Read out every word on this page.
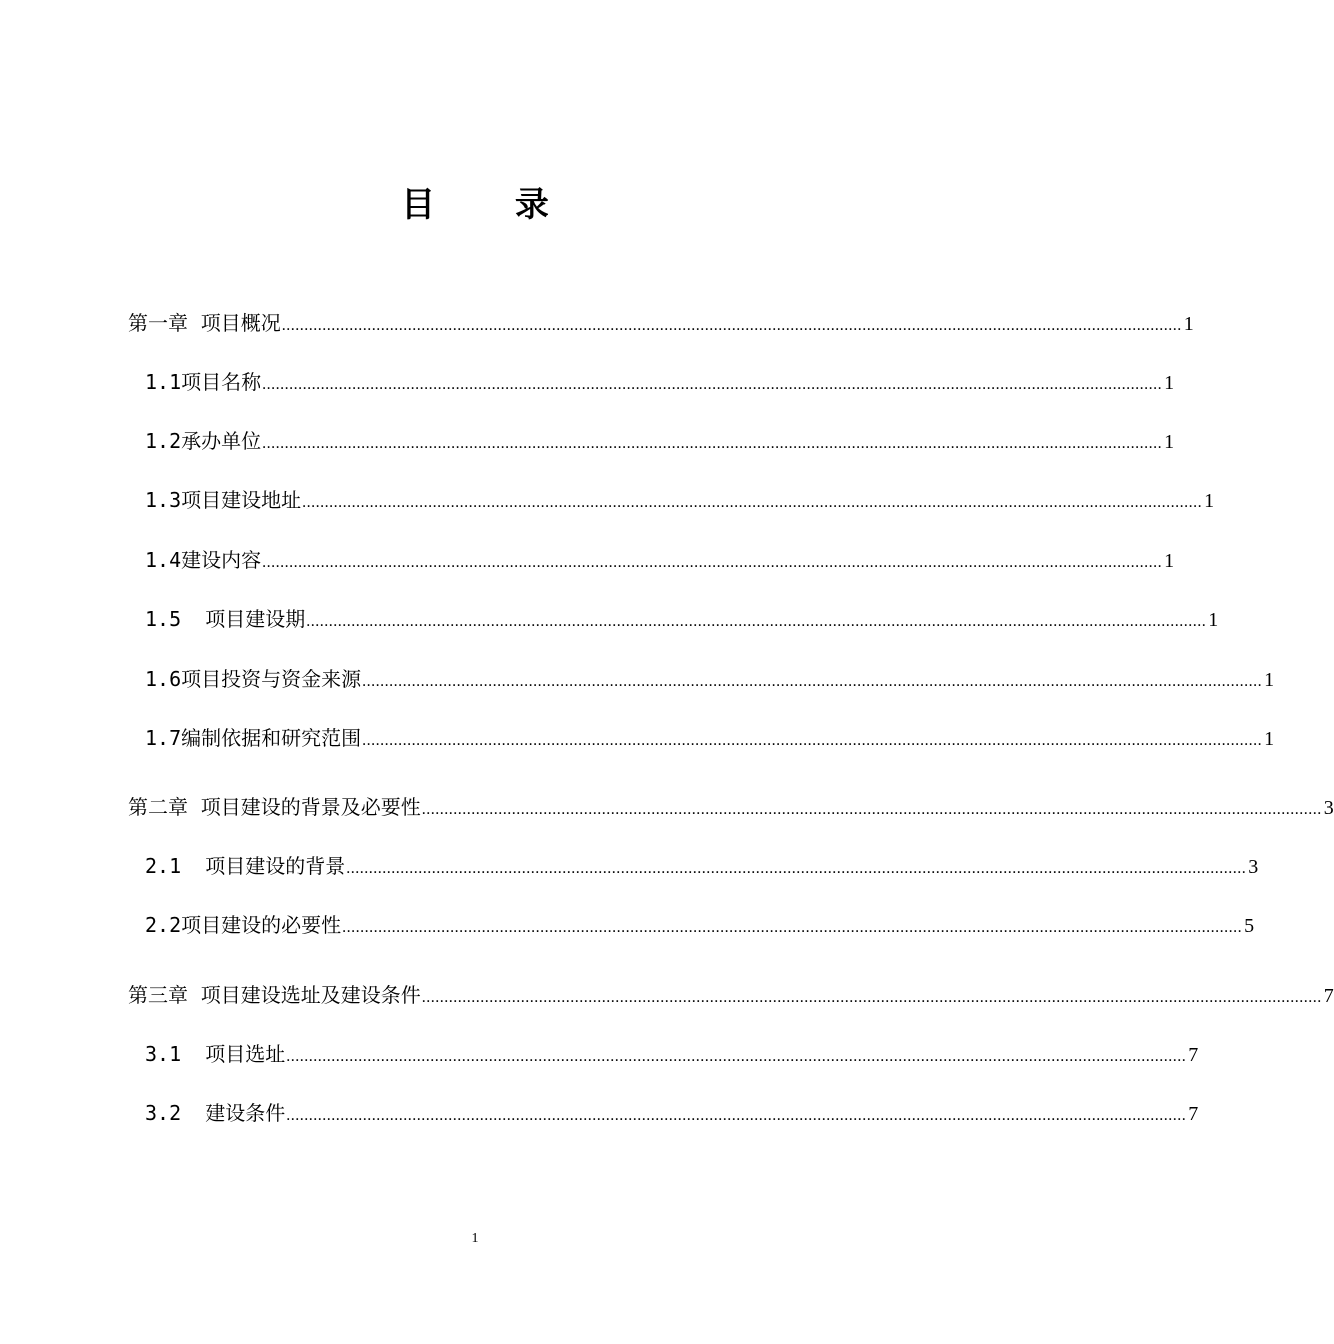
目 录
第一章  项目概况 ........................................................................................................................................................................................................ 1
1.1项目名称 ........................................................................................................................................................................................................ 1
1.2承办单位 ........................................................................................................................................................................................................ 1
1.3项目建设地址 ........................................................................................................................................................................................................ 1
1.4建设内容 ........................................................................................................................................................................................................ 1
1.5  项目建设期 ........................................................................................................................................................................................................ 1
1.6项目投资与资金来源 ........................................................................................................................................................................................................ 1
1.7编制依据和研究范围 ........................................................................................................................................................................................................ 1
第二章  项目建设的背景及必要性 ........................................................................................................................................................................................................ 3
2.1  项目建设的背景 ........................................................................................................................................................................................................ 3
2.2项目建设的必要性 ........................................................................................................................................................................................................ 5
第三章  项目建设选址及建设条件 ........................................................................................................................................................................................................ 7
3.1  项目选址 ........................................................................................................................................................................................................ 7
3.2  建设条件 ........................................................................................................................................................................................................ 7
1
